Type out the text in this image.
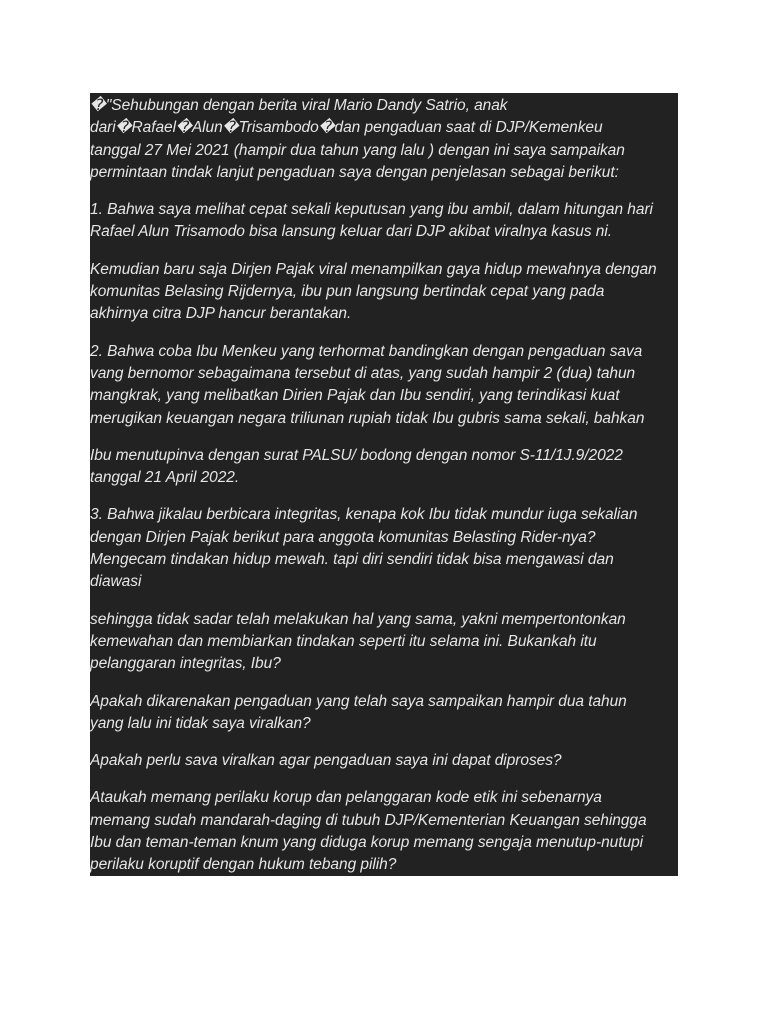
�"Sehubungan dengan berita viral Mario Dandy Satrio, anak
dari�Rafael�Alun�Trisambodo�dan pengaduan saat di DJP/Kemenkeu
tanggal 27 Mei 2021 (hampir dua tahun yang lalu ) dengan ini saya sampaikan
permintaan tindak lanjut pengaduan saya dengan penjelasan sebagai berikut:

1. Bahwa saya melihat cepat sekali keputusan yang ibu ambil, dalam hitungan hari
Rafael Alun Trisamodo bisa lansung keluar dari DJP akibat viralnya kasus ni.

Kemudian baru saja Dirjen Pajak viral menampilkan gaya hidup mewahnya dengan
komunitas Belasing Rijdernya, ibu pun langsung bertindak cepat yang pada
akhirnya citra DJP hancur berantakan.

2. Bahwa coba Ibu Menkeu yang terhormat bandingkan dengan pengaduan sava
vang bernomor sebagaimana tersebut di atas, yang sudah hampir 2 (dua) tahun
mangkrak, yang melibatkan Dirien Pajak dan Ibu sendiri, yang terindikasi kuat
merugikan keuangan negara triliunan rupiah tidak Ibu gubris sama sekali, bahkan

Ibu menutupinva dengan surat PALSU/ bodong dengan nomor S-11/1J.9/2022
tanggal 21 April 2022.

3. Bahwa jikalau berbicara integritas, kenapa kok Ibu tidak mundur iuga sekalian
dengan Dirjen Pajak berikut para anggota komunitas Belasting Rider-nya?
Mengecam tindakan hidup mewah. tapi diri sendiri tidak bisa mengawasi dan
diawasi

sehingga tidak sadar telah melakukan hal yang sama, yakni mempertontonkan
kemewahan dan membiarkan tindakan seperti itu selama ini. Bukankah itu
pelanggaran integritas, Ibu?

Apakah dikarenakan pengaduan yang telah saya sampaikan hampir dua tahun
yang lalu ini tidak saya viralkan?

Apakah perlu sava viralkan agar pengaduan saya ini dapat diproses?

Ataukah memang perilaku korup dan pelanggaran kode etik ini sebenarnya
memang sudah mandarah-daging di tubuh DJP/Kementerian Keuangan sehingga
Ibu dan teman-teman knum yang diduga korup memang sengaja menutup-nutupi
perilaku koruptif dengan hukum tebang pilih?
